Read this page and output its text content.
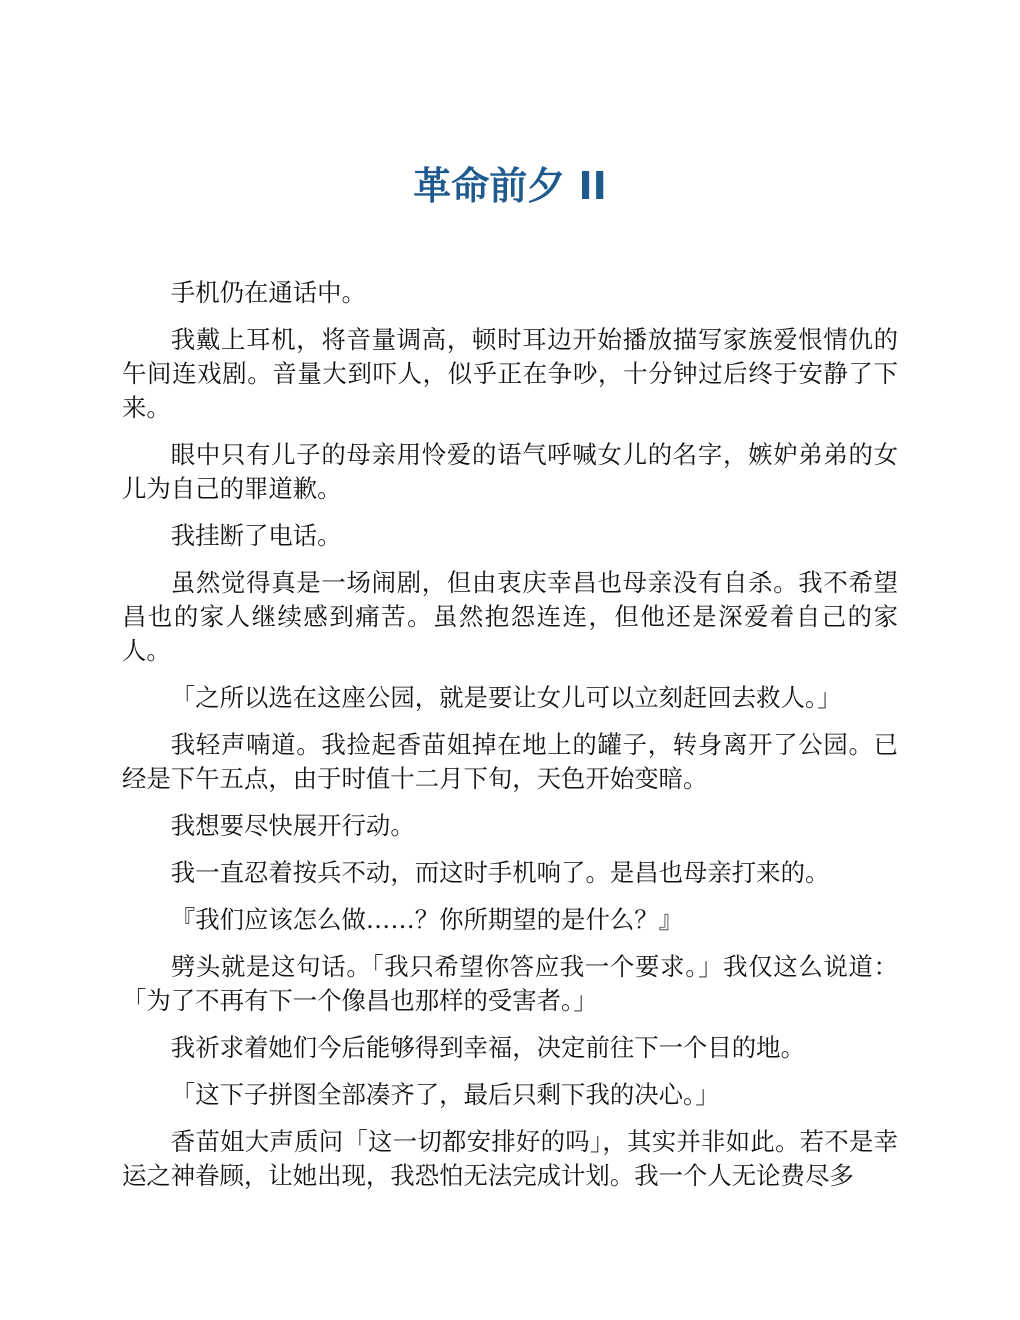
革命前夕 II

手机仍在通话中。

我戴上耳机，将音量调高，顿时耳边开始播放描写家族爱恨情仇的午间连戏剧。音量大到吓人，似乎正在争吵，十分钟过后终于安静了下来。

眼中只有儿子的母亲用怜爱的语气呼喊女儿的名字，嫉妒弟弟的女儿为自己的罪道歉。

我挂断了电话。

虽然觉得真是一场闹剧，但由衷庆幸昌也母亲没有自杀。我不希望昌也的家人继续感到痛苦。虽然抱怨连连，但他还是深爱着自己的家人。

「之所以选在这座公园，就是要让女儿可以立刻赶回去救人。」

我轻声喃道。我捡起香苗姐掉在地上的罐子，转身离开了公园。已经是下午五点，由于时值十二月下旬，天色开始变暗。

我想要尽快展开行动。

我一直忍着按兵不动，而这时手机响了。是昌也母亲打来的。

『我们应该怎么做……？你所期望的是什么？』

劈头就是这句话。「我只希望你答应我一个要求。」我仅这么说道：「为了不再有下一个像昌也那样的受害者。」

我祈求着她们今后能够得到幸福，决定前往下一个目的地。

「这下子拼图全部凑齐了，最后只剩下我的决心。」

香苗姐大声质问「这一切都安排好的吗」，其实并非如此。若不是幸运之神眷顾，让她出现，我恐怕无法完成计划。我一个人无论费尽多
